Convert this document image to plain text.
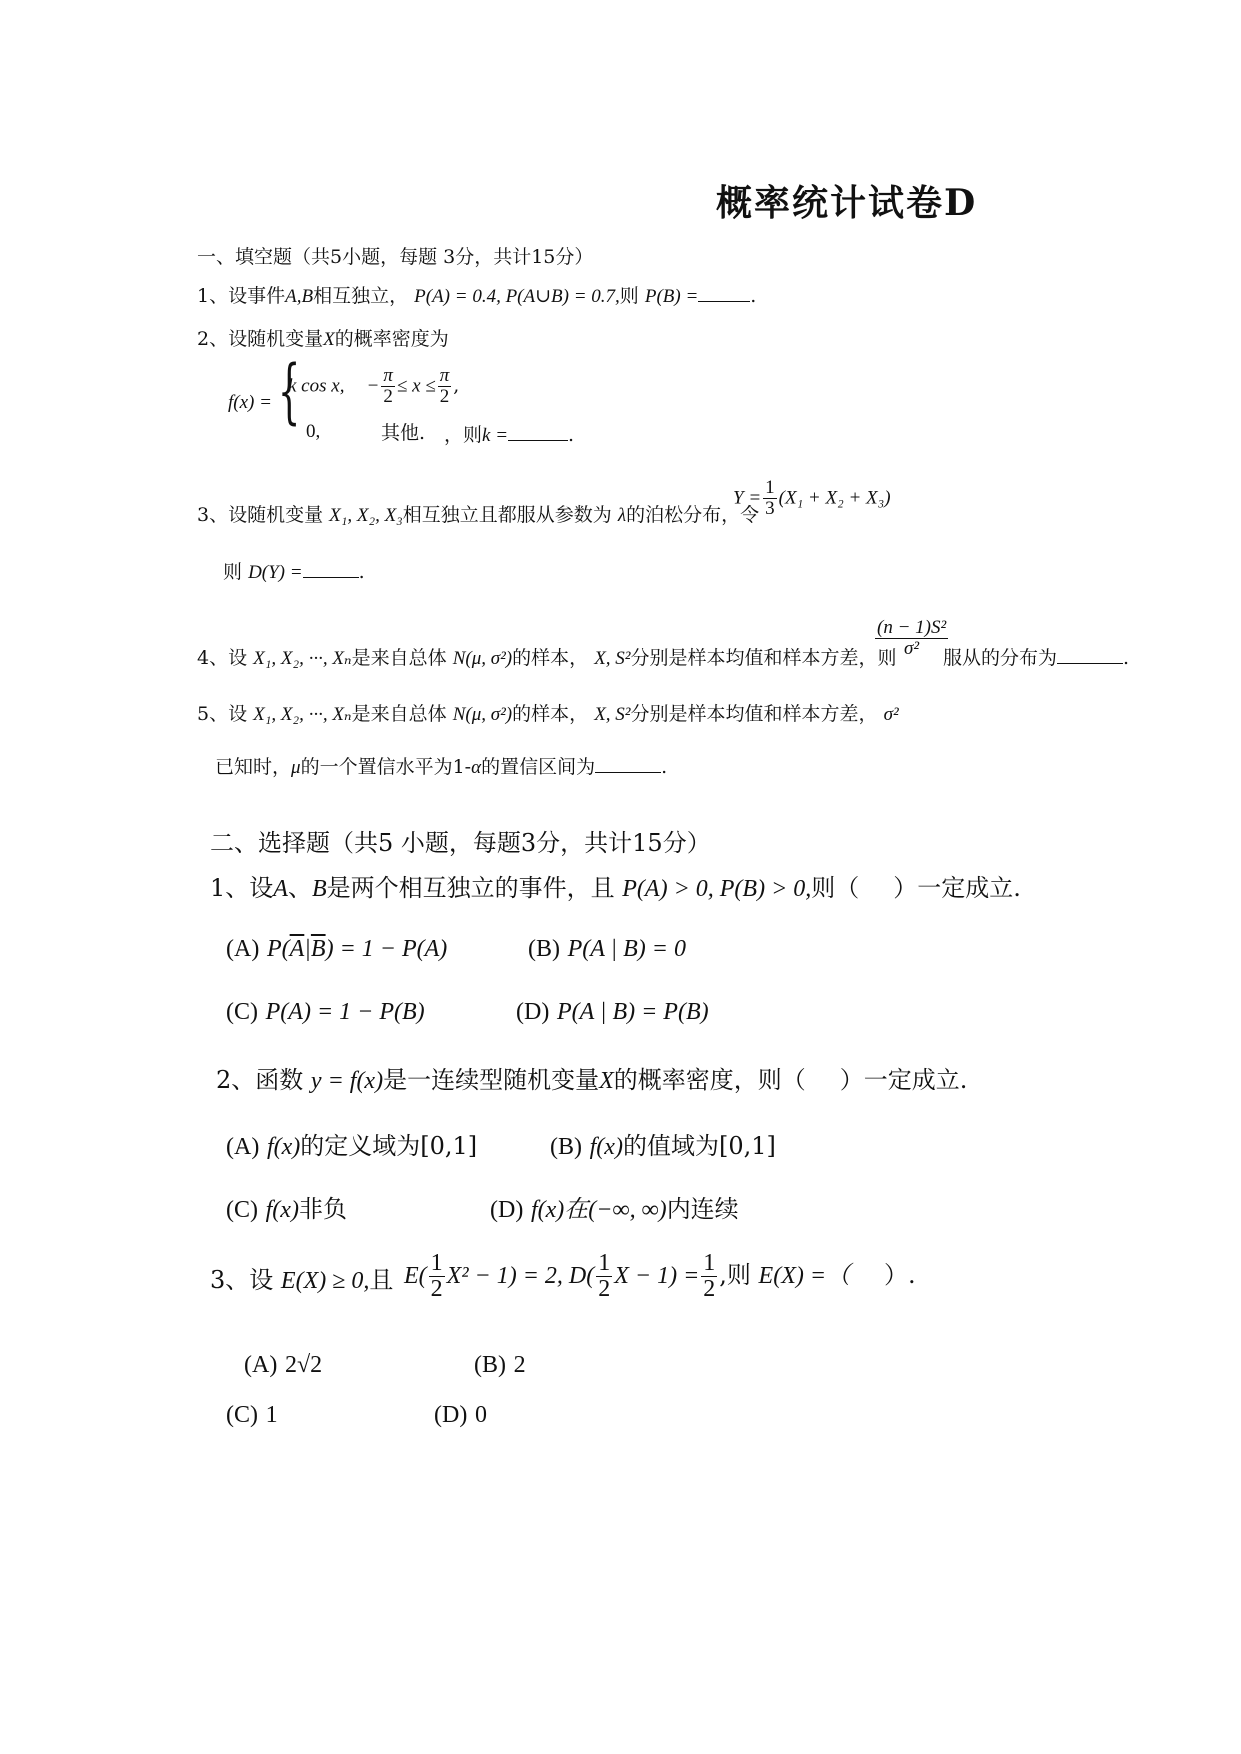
概率统计试卷D
一、填空题（共5小题，每题 3分，共计15分）
1、设事件A,B相互独立， P(A) = 0.4, P(A∪B) = 0.7,则 P(B) =	.
2、设随机变量X的概率密度为
f(x) = {
k cos x, − $\frac{\pi}{2} \le x \le \frac{\pi}{2}$ ,
0,	其他. ，则k =	.
3、设随机变量 X₁, X₂, X₃相互独立且都服从参数为 λ的泊松分布，令
$Y = \frac{1}{3} (X_1 + X_2 + X_3)$
则 D(Y) =	.
4、设 X₁, X₂, ···, Xₙ是来自总体 N(μ, σ²)的样本， X, S²分别是样本均值和样本方差，则
$\frac{\text{(n − 1)S²}}{\text{σ²}}$
服从的分布为	.
5、设 X₁, X₂, ···, Xₙ是来自总体 N(μ, σ²)的样本， X, S²分别是样本均值和样本方差， σ²
已知时，μ的一个置信水平为1-α的置信区间为	.
二、选择题（共5 小题，每题3分，共计15分）
1、设A、B是两个相互独立的事件，且 P(A) > 0, P(B) > 0,则（ ）一定成立.
(A) $P(\overline{A}|\overline{B}) = 1 - P(A)$	(B) P(A | B) = 0
(C) P(A) = 1 − P(B)	(D) P(A | B) = P(B)
2、函数 y = f(x)是一连续型随机变量X的概率密度，则（ ）一定成立.
(A) f(x)的定义域为[0,1]	(B) f(x)的值域为[0,1]
(C) f(x)非负	(D) f(x)在(−∞, ∞)内连续
3、设 E(X) ≥ 0,且 $E( \frac{1}{2} X^2 - 1) = 2$, $D( \frac{1}{2}$ $X - 1) = \frac{1}{2}$ ,则 E(X) =（ ）.
(A) 2√2	(B) 2
(C) 1	(D) 0
